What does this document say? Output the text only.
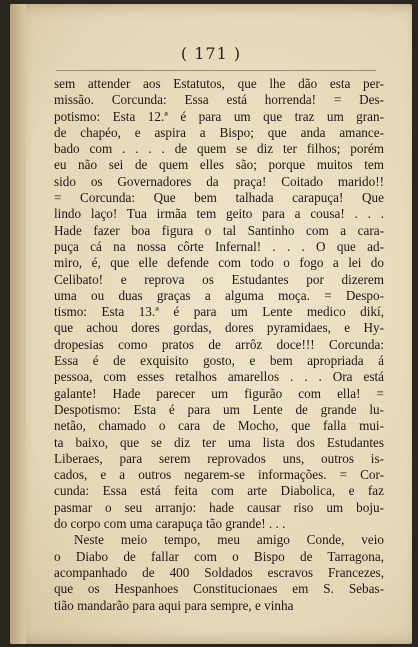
( 171 )
sem attender aos Estatutos, que lhe dão esta per-
missão. Corcunda: Essa está horrenda! = Des-
potismo: Esta 12.ª é para um que traz um gran-
de chapéo, e aspira a Bispo; que anda amance-
bado com . . . . de quem se diz ter filhos; porém
eu não sei de quem elles são; porque muitos tem
sido os Governadores da praça! Coitado marido!!
= Corcunda: Que bem talhada carapuça! Que
lindo laço! Tua irmãa tem geito para a cousa! . . .
Hade fazer boa figura o tal Santinho com a cara-
puça cá na nossa côrte Infernal! . . . O que ad-
miro, é, que elle defende com todo o fogo a lei do
Celibato! e reprova os Estudantes por dizerem
uma ou duas graças a alguma moça. = Despo-
tismo: Esta 13.ª é para um Lente medico dikí,
que achou dores gordas, dores pyramidaes, e Hy-
dropesias como pratos de arrôz doce!!! Corcunda:
Essa é de exquisito gosto, e bem apropriada á
pessoa, com esses retalhos amarellos . . . Ora está
galante! Hade parecer um figurão com ella! =
Despotismo: Esta é para um Lente de grande lu-
netão, chamado o cara de Mocho, que falla mui-
ta baixo, que se diz ter uma lista dos Estudantes
Liberaes, para serem reprovados uns, outros is-
cados, e a outros negarem-se informações. = Cor-
cunda: Essa está feita com arte Diabolica, e faz
pasmar o seu arranjo: hade causar riso um boju-
do corpo com uma carapuça tão grande! . . .
Neste meio tempo, meu amigo Conde, veio
o Diabo de fallar com o Bispo de Tarragona,
acompanhado de 400 Soldados escravos Francezes,
que os Hespanhoes Constitucionaes em S. Sebas-
tião mandarão para aqui para sempre, e vinha
